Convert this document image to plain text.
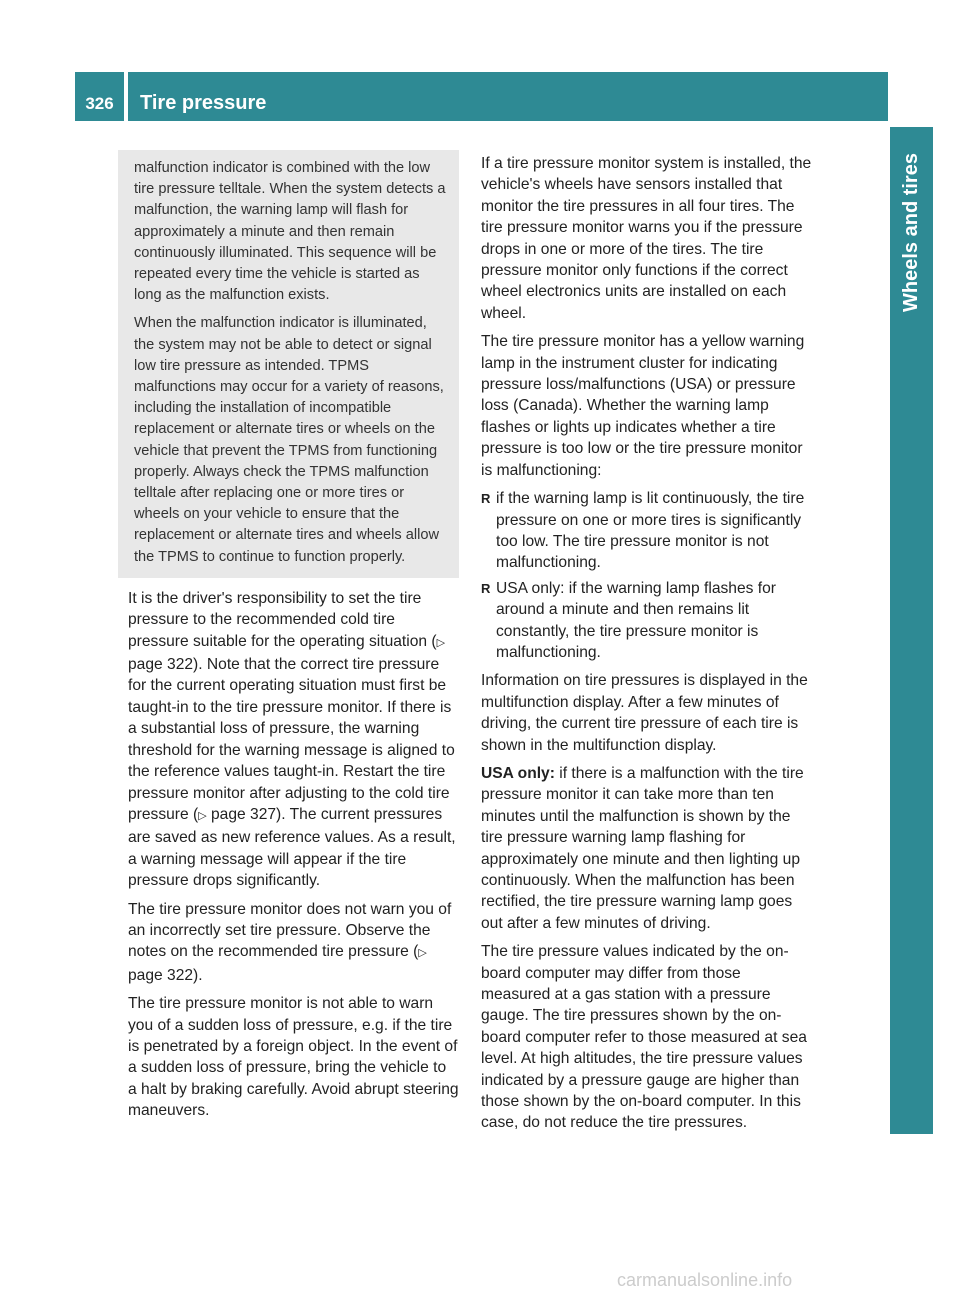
326	Tire pressure
Wheels and tires

malfunction indicator is combined with the low tire pressure telltale. When the system detects a malfunction, the warning lamp will flash for approximately a minute and then remain continuously illuminated. This sequence will be repeated every time the vehicle is started as long as the malfunction exists.

When the malfunction indicator is illuminated, the system may not be able to detect or signal low tire pressure as intended. TPMS malfunctions may occur for a variety of reasons, including the installation of incompatible replacement or alternate tires or wheels on the vehicle that prevent the TPMS from functioning properly. Always check the TPMS malfunction telltale after replacing one or more tires or wheels on your vehicle to ensure that the replacement or alternate tires and wheels allow the TPMS to continue to function properly.

It is the driver's responsibility to set the tire pressure to the recommended cold tire pressure suitable for the operating situation (▷ page 322). Note that the correct tire pressure for the current operating situation must first be taught-in to the tire pressure monitor. If there is a substantial loss of pressure, the warning threshold for the warning message is aligned to the reference values taught-in. Restart the tire pressure monitor after adjusting to the cold tire pressure (▷ page 327). The current pressures are saved as new reference values. As a result, a warning message will appear if the tire pressure drops significantly.

The tire pressure monitor does not warn you of an incorrectly set tire pressure. Observe the notes on the recommended tire pressure (▷ page 322).

The tire pressure monitor is not able to warn you of a sudden loss of pressure, e.g. if the tire is penetrated by a foreign object. In the event of a sudden loss of pressure, bring the vehicle to a halt by braking carefully. Avoid abrupt steering maneuvers.

If a tire pressure monitor system is installed, the vehicle's wheels have sensors installed that monitor the tire pressures in all four tires. The tire pressure monitor warns you if the pressure drops in one or more of the tires. The tire pressure monitor only functions if the correct wheel electronics units are installed on each wheel.

The tire pressure monitor has a yellow warning lamp in the instrument cluster for indicating pressure loss/malfunctions (USA) or pressure loss (Canada). Whether the warning lamp flashes or lights up indicates whether a tire pressure is too low or the tire pressure monitor is malfunctioning:

R if the warning lamp is lit continuously, the tire pressure on one or more tires is significantly too low. The tire pressure monitor is not malfunctioning.
R USA only: if the warning lamp flashes for around a minute and then remains lit constantly, the tire pressure monitor is malfunctioning.

Information on tire pressures is displayed in the multifunction display. After a few minutes of driving, the current tire pressure of each tire is shown in the multifunction display.

USA only: if there is a malfunction with the tire pressure monitor it can take more than ten minutes until the malfunction is shown by the tire pressure warning lamp flashing for approximately one minute and then lighting up continuously. When the malfunction has been rectified, the tire pressure warning lamp goes out after a few minutes of driving.

The tire pressure values indicated by the on-board computer may differ from those measured at a gas station with a pressure gauge. The tire pressures shown by the on-board computer refer to those measured at sea level. At high altitudes, the tire pressure values indicated by a pressure gauge are higher than those shown by the on-board computer. In this case, do not reduce the tire pressures.

carmanualsonline.info
